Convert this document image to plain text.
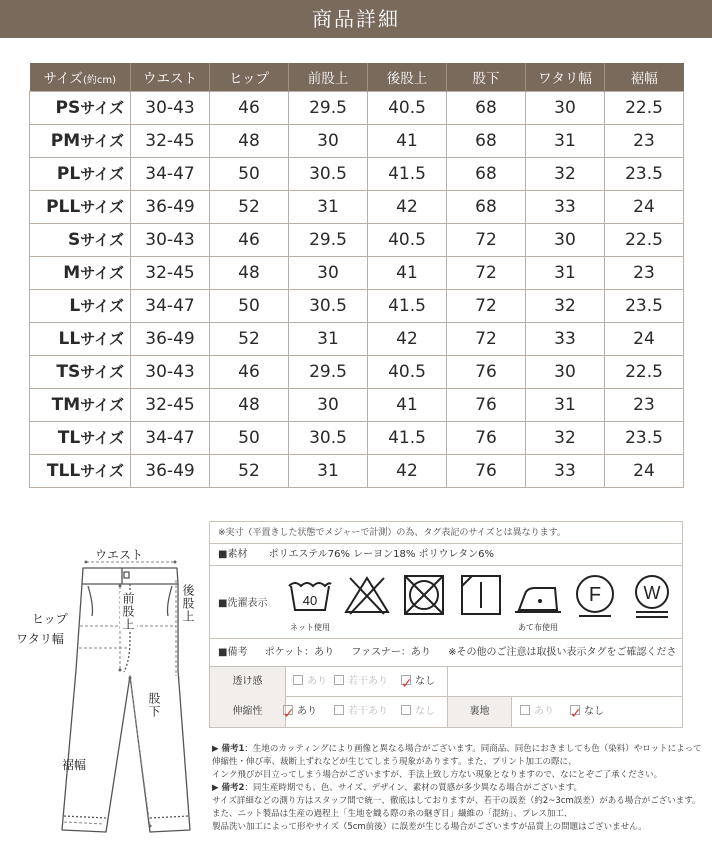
商品詳細
サイズ(約cm)	ウエスト	ヒップ	前股上	後股上	股下	ワタリ幅	裾幅
PSサイズ	30-43	46	29.5	40.5	68	30	22.5
PMサイズ	32-45	48	30	41	68	31	23
PLサイズ	34-47	50	30.5	41.5	68	32	23.5
PLLサイズ	36-49	52	31	42	68	33	24
Sサイズ	30-43	46	29.5	40.5	72	30	22.5
Mサイズ	32-45	48	30	41	72	31	23
Lサイズ	34-47	50	30.5	41.5	72	32	23.5
LLサイズ	36-49	52	31	42	72	33	24
TSサイズ	30-43	46	29.5	40.5	76	30	22.5
TMサイズ	32-45	48	30	41	76	31	23
TLサイズ	34-47	50	30.5	41.5	76	32	23.5
TLLサイズ	36-49	52	31	42	76	33	24
ウエスト
ヒップ
ワタリ幅
前股上	後股上
股下
裾幅
※実寸（平置きした状態でメジャーで計測）の為、タグ表記のサイズとは異なります。
■素材 ポリエステル76% レーヨン18% ポリウレタン6%
■洗濯表示	40
ネット使用	あて布使用
F W
■備考 ポケット：あり ファスナー：あり ※その他のご注意は取扱い表示タグをご確認くださ
透け感	あり	若干あり ✓ なし
伸縮性	✓ あり	若干あり	なし	裏地	あり ✓ なし

▶ 備考1：生地のカッティングにより画像と異なる場合がございます。同商品、同色におきましても色（染料）やロットによって

伸縮性・伸び率、裁断上ずれなどが生じてしまう現象があります。また、プリント加工の際に、

インク飛びが目立ってしまう場合がございますが、手法上致し方ない現象となりますので、なにとぞご了承ください。

▶ 備考2：同生産時期でも、色、サイズ、デザイン、素材の質感が多少異なる場合がございます。

サイズ詳細などの測り方はスタッフ間で統一、徹底はしておりますが、若干の誤差（約2~3cm誤差）がある場合がございます。

また、ニット製品は生産の過程上「生地を織る際の糸の継ぎ目」繊維の「混紡」、プレス加工、

製品洗い加工によって形やサイズ（5cm前後）に誤差が生じる場合がございますが品質上の問題はございません。
